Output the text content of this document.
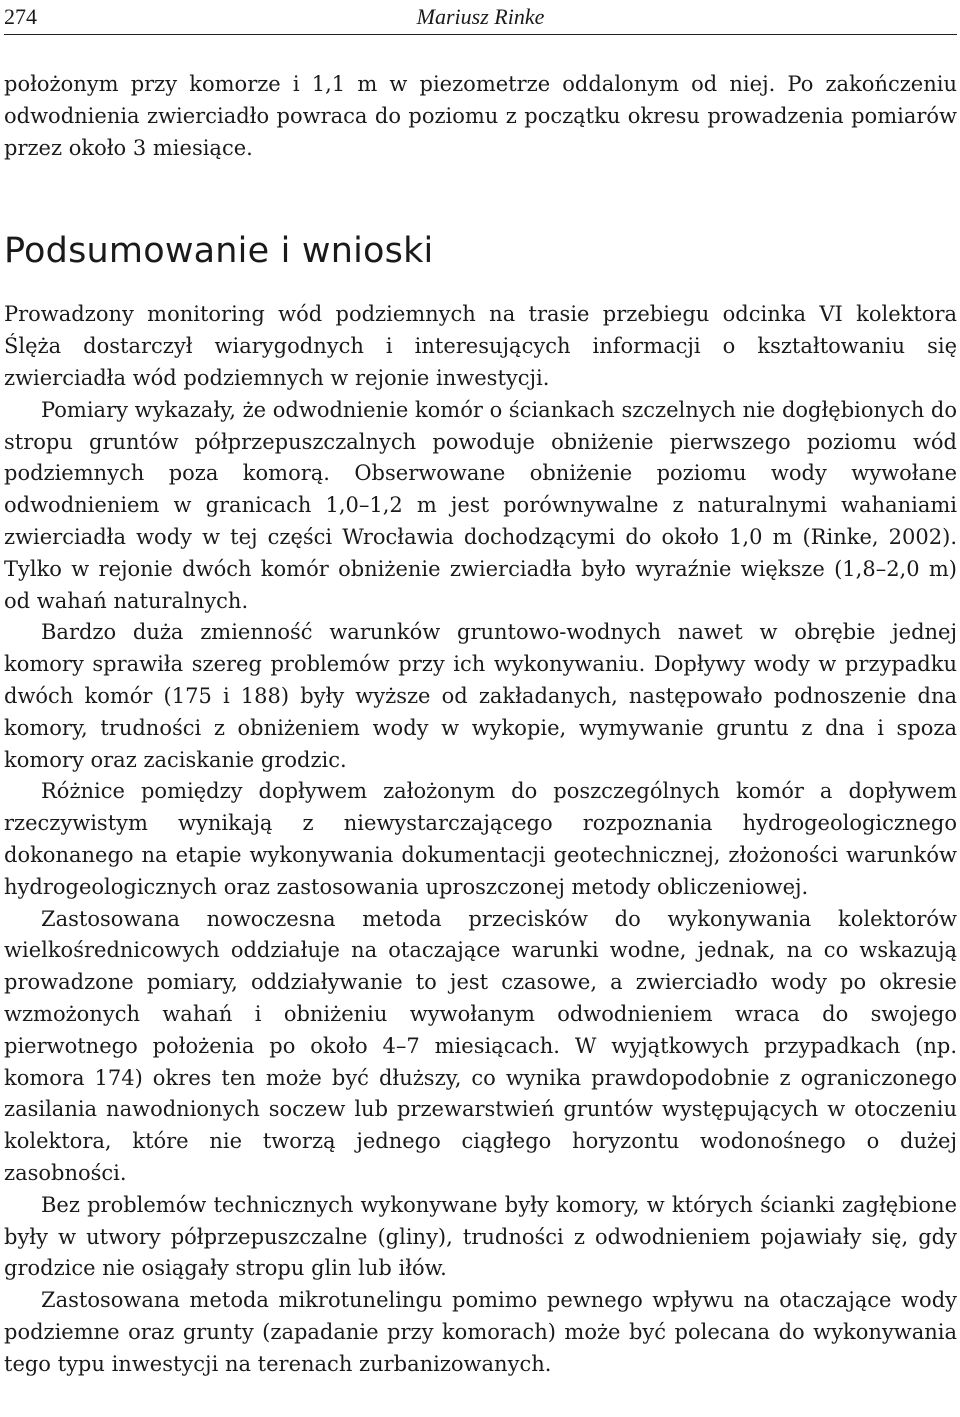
274	Mariusz Rinke

położonym przy komorze i 1,1 m w piezometrze oddalonym od niej. Po zakończeniu odwodnienia zwierciadło powraca do poziomu z początku okresu prowadzenia pomiarów przez około 3 miesiące.

Podsumowanie i wnioski

Prowadzony monitoring wód podziemnych na trasie przebiegu odcinka VI kolektora Ślęża dostarczył wiarygodnych i interesujących informacji o kształtowaniu się zwierciadła wód podziemnych w rejonie inwestycji.

Pomiary wykazały, że odwodnienie komór o ściankach szczelnych nie dogłębionych do stropu gruntów półprzepuszczalnych powoduje obniżenie pierwszego poziomu wód podziemnych poza komorą. Obserwowane obniżenie poziomu wody wywołane odwodnieniem w granicach 1,0–1,2 m jest porównywalne z naturalnymi wahaniami zwierciadła wody w tej części Wrocławia dochodzącymi do około 1,0 m (Rinke, 2002). Tylko w rejonie dwóch komór obniżenie zwierciadła było wyraźnie większe (1,8–2,0 m) od wahań naturalnych.

Bardzo duża zmienność warunków gruntowo-wodnych nawet w obrębie jednej komory sprawiła szereg problemów przy ich wykonywaniu. Dopływy wody w przypadku dwóch komór (175 i 188) były wyższe od zakładanych, następowało podnoszenie dna komory, trudności z obniżeniem wody w wykopie, wymywanie gruntu z dna i spoza komory oraz zaciskanie grodzic.

Różnice pomiędzy dopływem założonym do poszczególnych komór a dopływem rzeczywistym wynikają z niewystarczającego rozpoznania hydrogeologicznego dokonanego na etapie wykonywania dokumentacji geotechnicznej, złożoności warunków hydrogeologicznych oraz zastosowania uproszczonej metody obliczeniowej.

Zastosowana nowoczesna metoda przecisków do wykonywania kolektorów wielkośrednicowych oddziałuje na otaczające warunki wodne, jednak, na co wskazują prowadzone pomiary, oddziaływanie to jest czasowe, a zwierciadło wody po okresie wzmożonych wahań i obniżeniu wywołanym odwodnieniem wraca do swojego pierwotnego położenia po około 4–7 miesiącach. W wyjątkowych przypadkach (np. komora 174) okres ten może być dłuższy, co wynika prawdopodobnie z ograniczonego zasilania nawodnionych soczew lub przewarstwień gruntów występujących w otoczeniu kolektora, które nie tworzą jednego ciągłego horyzontu wodonośnego o dużej zasobności.

Bez problemów technicznych wykonywane były komory, w których ścianki zagłębione były w utwory półprzepuszczalne (gliny), trudności z odwodnieniem pojawiały się, gdy grodzice nie osiągały stropu glin lub iłów.

Zastosowana metoda mikrotunelingu pomimo pewnego wpływu na otaczające wody podziemne oraz grunty (zapadanie przy komorach) może być polecana do wykonywania tego typu inwestycji na terenach zurbanizowanych.
